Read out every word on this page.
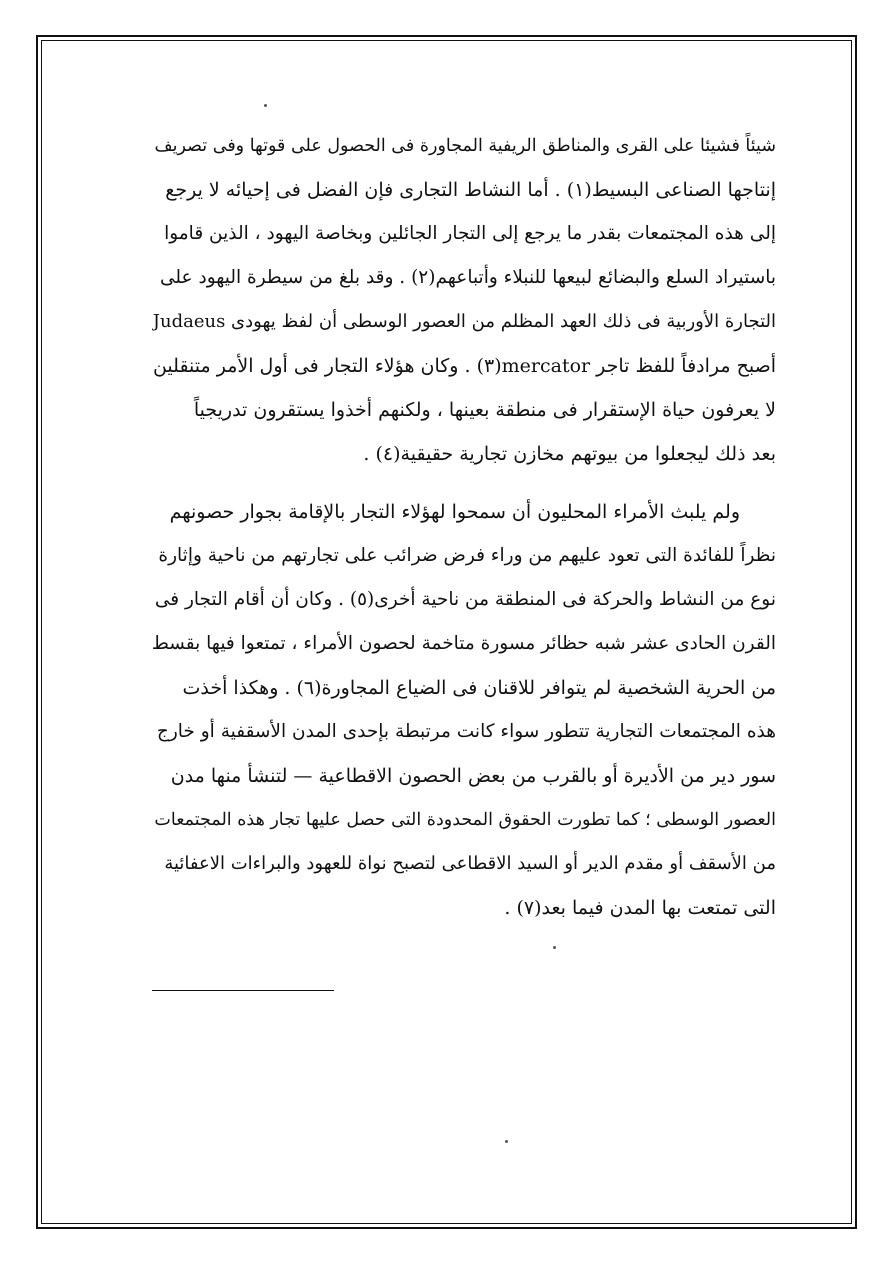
شيئاً فشيئا على القرى والمناطق الريفية المجاورة فى الحصول على قوتها وفى تصريف
إنتاجها الصناعى البسيط(١) . أما النشاط التجارى فإن الفضل فى إحيائه لا يرجع
إلى هذه المجتمعات بقدر ما يرجع إلى التجار الجائلين وبخاصة اليهود ، الذين قاموا
باستيراد السلع والبضائع لبيعها للنبلاء وأتباعهم(٢) . وقد بلغ من سيطرة اليهود على
التجارة الأوربية فى ذلك العهد المظلم من العصور الوسطى أن لفظ يهودى Judaeus
أصبح مرادفاً للفظ تاجر mercator(٣) . وكان هؤلاء التجار فى أول الأمر متنقلين
لا يعرفون حياة الإستقرار فى منطقة بعينها ، ولكنهم أخذوا يستقرون تدريجياً
بعد ذلك ليجعلوا من بيوتهم مخازن تجارية حقيقية(٤) .
ولم يلبث الأمراء المحليون أن سمحوا لهؤلاء التجار بالإقامة بجوار حصونهم
نظراً للفائدة التى تعود عليهم من وراء فرض ضرائب على تجارتهم من ناحية وإثارة
نوع من النشاط والحركة فى المنطقة من ناحية أخرى(٥) . وكان أن أقام التجار فى
القرن الحادى عشر شبه حظائر مسورة متاخمة لحصون الأمراء ، تمتعوا فيها بقسط
من الحرية الشخصية لم يتوافر للاقنان فى الضياع المجاورة(٦) . وهكذا أخذت
هذه المجتمعات التجارية تتطور سواء كانت مرتبطة بإحدى المدن الأسقفية أو خارج
سور دير من الأديرة أو بالقرب من بعض الحصون الاقطاعية — لتنشأ منها مدن
العصور الوسطى ؛ كما تطورت الحقوق المحدودة التى حصل عليها تجار هذه المجتمعات
من الأسقف أو مقدم الدير أو السيد الاقطاعى لتصبح نواة للعهود والبراءات الاعفائية
التى تمتعت بها المدن فيما بعد(٧) .
